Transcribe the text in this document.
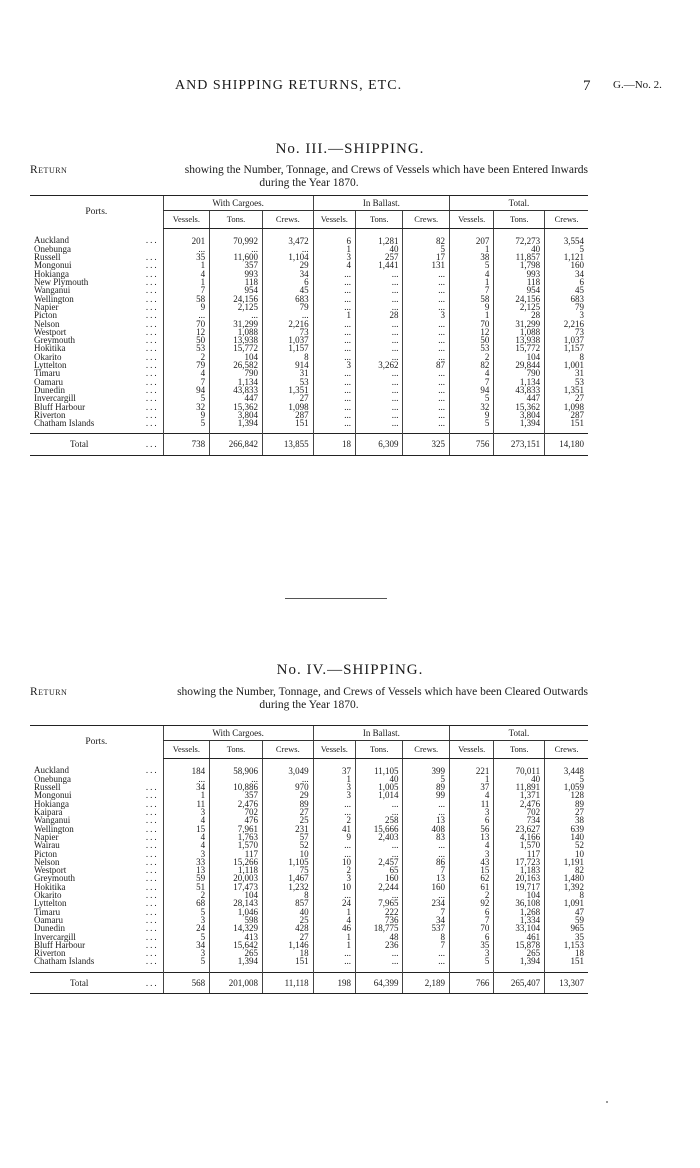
AND SHIPPING RETURNS, ETC.	7 G.—No. 2.
No. III.—SHIPPING.
Return	showing the Number, Tonnage, and Crews of Vessels which have been Entered Inwards
during the Year 1870.
Ports.	With Cargoes.			In Ballast.			Total.		
	Vessels.	Tons.	Crews.	Vessels.	Tons.	Crews.	Vessels.	Tons.	Crews.
Auckland ...	201	70,992	3,472	6	1,281	82	207	72,273	3,554
Onebunga	...	...	...	1	40	5	1	40	5
Russell ...	35	11,600	1,104	3	257	17	38	11,857	1,121
Mongonui ...	1	357	29	4	1,441	131	5	1,798	160
Hokianga ...	4	993	34	...	...	...	4	993	34
New Plymouth ...	1	118	6	...	...	...	1	118	6
Wanganui ...	7	954	45	...	...	...	7	954	45
Wellington ...	58	24,156	683	...	...	...	58	24,156	683
Napier ...	9	2,125	79	...	...	...	9	2,125	79
Picton ...	...	...	...	1	28	3	1	28	3
Nelson ...	70	31,299	2,216	...	...	...	70	31,299	2,216
Westport ...	12	1,088	73	...	...	...	12	1,088	73
Greymouth ...	50	13,938	1,037	...	...	...	50	13,938	1,037
Hokitika ...	53	15,772	1,157	...	...	...	53	15,772	1,157
Okarito ...	2	104	8	...	...	...	2	104	8
Lyttelton ...	79	26,582	914	3	3,262	87	82	29,844	1,001
Timaru ...	4	790	31	...	...	...	4	790	31
Oamaru ...	7	1,134	53	...	...	...	7	1,134	53
Dunedin ...	94	43,833	1,351	...	...	...	94	43,833	1,351
Invercargill ...	5	447	27	...	...	...	5	447	27
Bluff Harbour ...	32	15,362	1,098	...	...	...	32	15,362	1,098
Riverton ...	9	3,804	287	...	...	...	9	3,804	287
Chatham Islands ...	5	1,394	151	...	...	...	5	1,394	151
Total ...	738	266,842	13,855	18	6,309	325	756	273,151	14,180
No. IV.—SHIPPING.
Return	showing the Number, Tonnage, and Crews of Vessels which have been Cleared Outwards
during the Year 1870.
Ports.	With Cargoes.			In Ballast.			Total.		
	Vessels.	Tons.	Crews.	Vessels.	Tons.	Crews.	Vessels.	Tons.	Crews.
Auckland ...	184	58,906	3,049	37	11,105	399	221	70,011	3,448
Onebunga	...	...	...	1	40	5	1	40	5
Russell ...	34	10,886	970	3	1,005	89	37	11,891	1,059
Mongonui ...	1	357	29	3	1,014	99	4	1,371	128
Hokianga ...	11	2,476	89	...	...	...	11	2,476	89
Kaipara ...	3	702	27	...	...	...	3	702	27
Wanganui ...	4	476	25	2	258	13	6	734	38
Wellington ...	15	7,961	231	41	15,666	408	56	23,627	639
Napier ...	4	1,763	57	9	2,403	83	13	4,166	140
Wairau ...	4	1,570	52	...	...	...	4	1,570	52
Picton ...	3	117	10	...	...	...	3	117	10
Nelson ...	33	15,266	1,105	10	2,457	86	43	17,723	1,191
Westport ...	13	1,118	75	2	65	7	15	1,183	82
Greymouth ...	59	20,003	1,467	3	160	13	62	20,163	1,480
Hokitika ...	51	17,473	1,232	10	2,244	160	61	19,717	1,392
Okarito ...	2	104	8	...	...	...	2	104	8
Lyttelton ...	68	28,143	857	24	7,965	234	92	36,108	1,091
Timaru ...	5	1,046	40	1	222	7	6	1,268	47
Oamaru ...	3	598	25	4	736	34	7	1,334	59
Dunedin ...	24	14,329	428	46	18,775	537	70	33,104	965
Invercargill ...	5	413	27	1	48	8	6	461	35
Bluff Harbour ...	34	15,642	1,146	1	236	7	35	15,878	1,153
Riverton ...	3	265	18	...	...	...	3	265	18
Chatham Islands ...	5	1,394	151	...	...	...	5	1,394	151
Total ...	568	201,008	11,118	198	64,399	2,189	766	265,407	13,307
